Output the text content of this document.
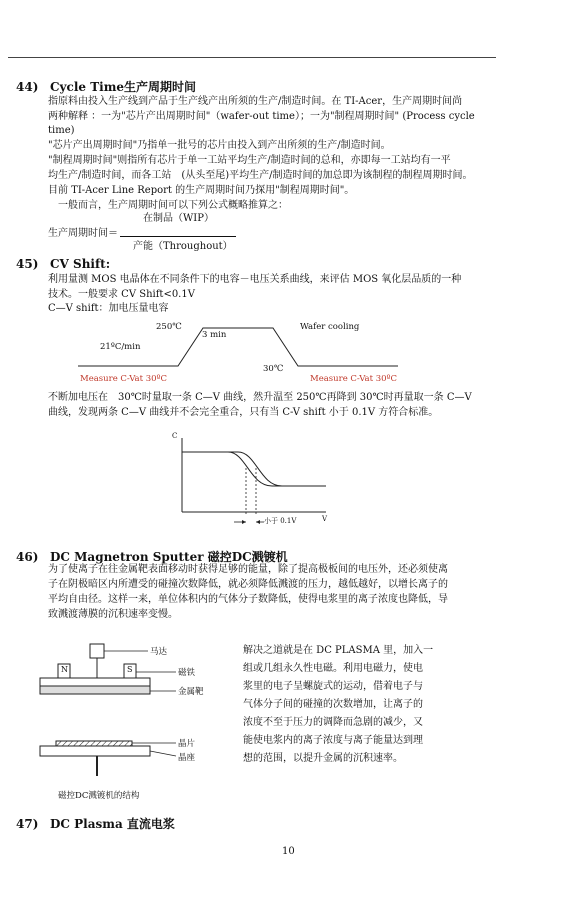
44) Cycle Time生产周期时间
指原料由投入生产线到产品于生产线产出所须的生产/制造时间。在 TI-Acer，生产周期时间尚
两种解释 ：一为"芯片产出周期时间"（wafer-out time）；一为"制程周期时间" (Process cycle
time)
"芯片产出周期时间"乃指单一批号的芯片由投入到产出所须的生产/制造时间。
"制程周期时间"则指所有芯片于单一工站平均生产/制造时间的总和，亦即每一工站均有一平
均生产/制造时间，而各工站　(从头至尾)平均生产/制造时间的加总即为该制程的制程周期时间。
目前 TI-Acer Line Report 的生产周期时间乃探用"制程周期时间"。
　一般而言，生产周期时间可以下列公式概略推算之：
在制品（WIP）
生产周期时间＝
产能（Throughout）
45) CV Shift:
利用量测 MOS 电晶体在不同条件下的电容－电压关系曲线，来评估 MOS 氧化层品质的一种
技术。一般要求 CV Shift<0.1V
C—V shift：加电压量电容
250℃
21ºC/min
3 min
Wafer cooling
30℃
Measure C-Vat 30ºC	Measure C-Vat 30ºC
不断加电压在　30℃时量取一条 C—V 曲线，然升温至 250℃再降到 30℃时再量取一条 C—V
曲线，发现两条 C—V 曲线并不会完全重合，只有当 C-V shift 小于 0.1V 方符合标准。
C
V
小于 0.1V
46) DC Magnetron Sputter 磁控DC溅镀机
为了使离子在往金属靶表面移动时获得足够的能量，除了提高极板间的电压外，还必须使离
子在阴极暗区内所遭受的碰撞次数降低，就必须降低溅渡的压力，越低越好，以增长离子的
平均自由径。这样一来，单位体积内的气体分子数降低，使得电浆里的离子浓度也降低，导
致溅渡薄膜的沉积速率变慢。
N	S
马达
磁铁
金属靶
晶片
晶座
磁控DC溅镀机的结构
解决之道就是在 DC PLASMA 里，加入一
组或几组永久性电磁。利用电磁力，使电
浆里的电子呈螺旋式的运动，借着电子与
气体分子间的碰撞的次数增加，让离子的
浓度不至于压力的调降而急剧的减少，又
能使电浆内的离子浓度与离子能量达到理
想的范围，以提升金属的沉积速率。
47) DC Plasma 直流电浆
10
